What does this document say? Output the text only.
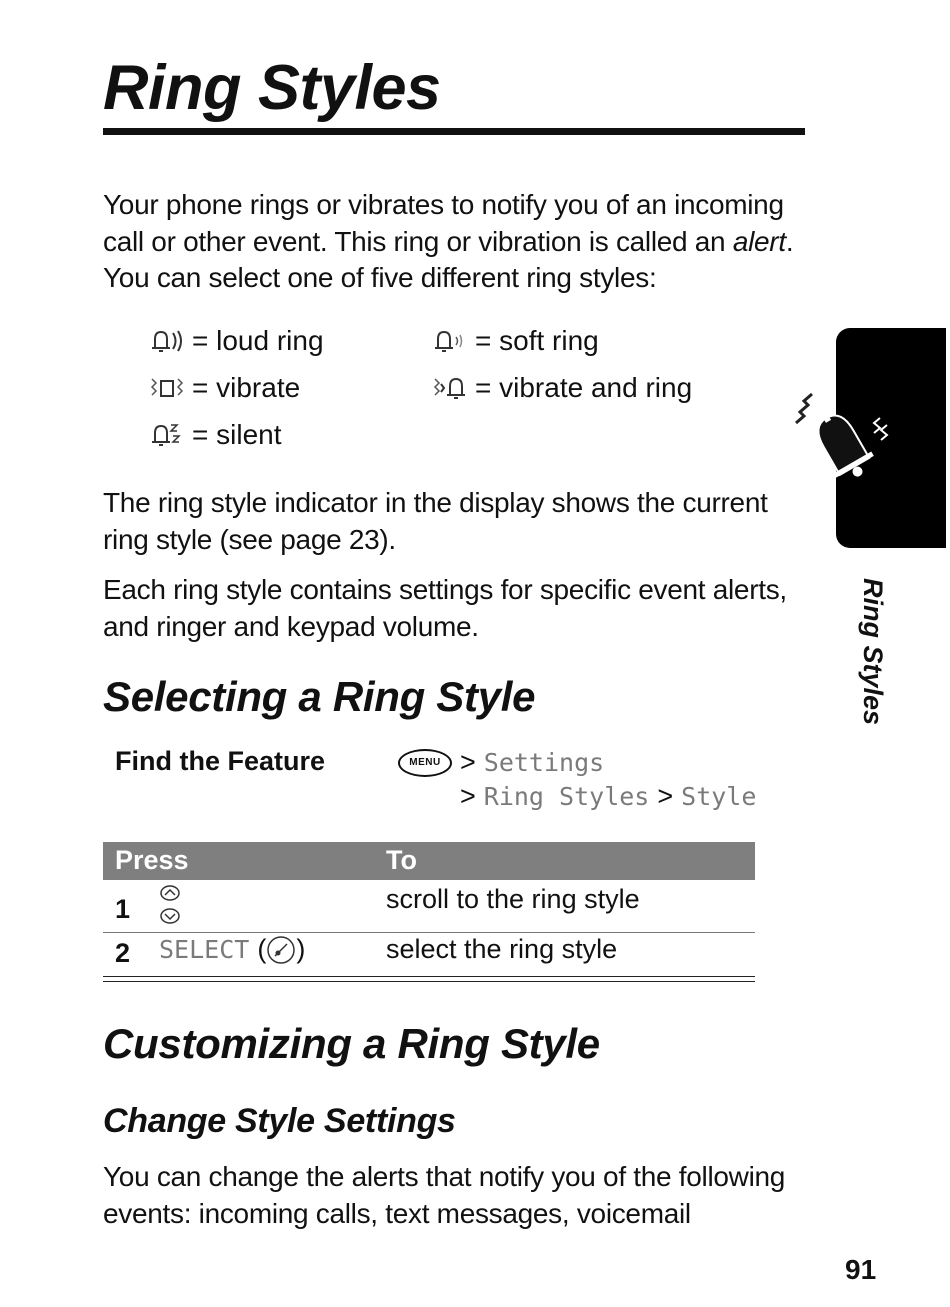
Ring Styles
Your phone rings or vibrates to notify you of an incoming
call or other event. This ring or vibration is called an alert.
You can select one of five different ring styles:
= loud ring	= soft ring
= vibrate	= vibrate and ring
= silent
The ring style indicator in the display shows the current
ring style (see page 23).
Each ring style contains settings for specific event alerts,
and ringer and keypad volume.
Selecting a Ring Style
Find the Feature	MENU > Settings
> Ring Styles > Style
Press	To
1	scroll to the ring style
2 SELECT ( )	select the ring style
Customizing a Ring Style
Change Style Settings
You can change the alerts that notify you of the following
events: incoming calls, text messages, voicemail
Ring Styles
91
